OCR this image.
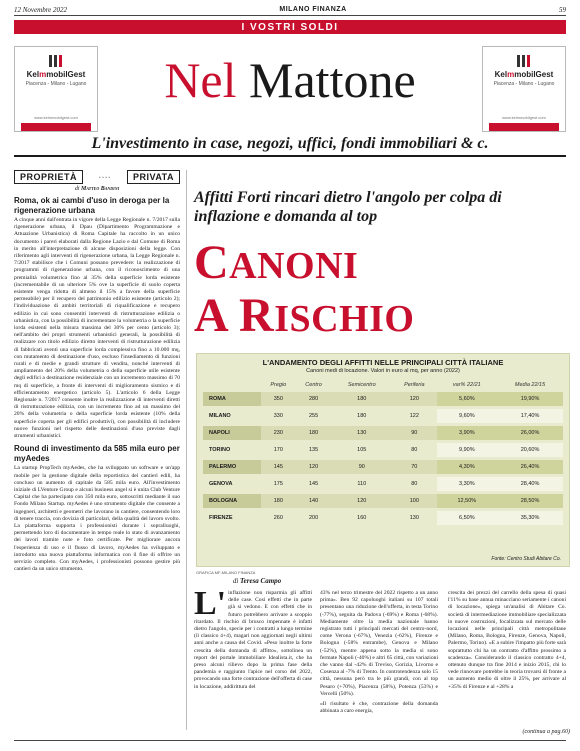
12 Novembre 2022	MILANO FINANZA	59
I VOSTRI SOLDI
KelmmobilGest
Piacenza - Milano - Lugano
www.kelmmobilgest.com
KelmmobilGest
Piacenza - Milano - Lugano
www.kelmmobilgest.com
Nel Mattone
L'investimento in case, negozi, uffici, fondi immobiliari & c.
PROPRIETÀ	····	PRIVATA
di Matteo Bandini
Roma, ok ai cambi d'uso in deroga per la rigenerazione urbana

A cinque anni dall'entrata in vigore della Legge Regionale n. 7/2017 sulla rigenerazione urbana, il Dpau (Dipartimento Programmazione e Attuazione Urbanistica) di Roma Capitale ha raccolto in un unico documento i pareri elaborati dalla Regione Lazio e dal Comune di Roma in merito all'interpretazione di alcune disposizioni della legge. Con riferimento agli interventi di rigenerazione urbana, la Legge Regionale n. 7/2017 stabilisce che i Comuni possano prevedere: la realizzazione di programmi di rigenerazione urbana, con il riconoscimento di una premialità volumetrica fino al 35% della superficie lorda esistente (incrementabile di un ulteriore 5% ove la superficie di suolo coperta esistente venga ridotta di almeno il 15% a favore della superficie permeabile) per il recupero del patrimonio edilizio esistente (articolo 2); l'individuazione di ambiti territoriali di riqualificazione e recupero edilizio in cui sono consentiti interventi di ristrutturazione edilizia o urbanistica, con la possibilità di incrementare la volumetria o la superficie lorda esistenti nella misura massima del 30% per cento (articolo 3); nell'ambito dei propri strumenti urbanistici generali, la possibilità di realizzare con titolo edilizio diretto interventi di ristrutturazione edilizia di fabbricati aventi una superficie lorda complessiva fino a 10.000 mq, con mutamento di destinazione d'uso, escluso l'insediamento di funzioni rurali e di medie e grandi strutture di vendita, nonché interventi di ampliamento del 20% della volumetria o della superficie utile esistente degli edifici a destinazione residenziale con un incremento massimo di 70 mq di superficie, a fronte di interventi di miglioramento sismico e di efficientamento energetico (articolo 5). L'articolo 6 della Legge Regionale n. 7/2017 consente inoltre la realizzazione di interventi diretti di ristrutturazione edilizia, con un incremento fino ad un massimo del 20% della volumetria o della superficie lorda esistente (10% della superficie coperta per gli edifici produttivi), con possibilità di includere nuove funzioni nel rispetto delle destinazioni d'uso previste dagli strumenti urbanistici.

Round di investimento da 585 mila euro per myAedes

La startup PropTech myAedes, che ha sviluppato un software e un'app mobile per la gestione digitale della reportistica dei cantieri edili, ha concluso un aumento di capitale da 585 mila euro. All'investimento iniziale di LVenture Group e alcuni business angel si è unita Club Venture Capital che ha partecipato con 350 mila euro, sottoscritti mediante il suo Fondo Milano Startup. myAedes è uno strumento digitale che consente a ingegneri, architetti e geometri che lavorano in cantiere, consentendo loro di tenere traccia, con dovizia di particolari, della qualità del lavoro svolto. La piattaforma supporta i professionisti durante i sopralluoghi, permettendo loro di documentare in tempo reale lo stato di avanzamento dei lavori tramite note e foto certificate. Per migliorare ancora l'esperienza di uso e il flusso di lavoro, myAedes ha sviluppato e introdotto una nuova piattaforma informatica con il fine di offrire un servizio completo. Con myAedes, i professionisti possono gestire più cantieri da un unico strumento.

Affitti Forti rincari dietro l'angolo per colpa di inflazione e domanda al top
CANONI
A RISCHIO
L'ANDAMENTO DEGLI AFFITTI NELLE PRINCIPALI CITTÀ ITALIANE
Canoni medi di locazione. Valori in euro al mq, per anno (2022)
	Pregio	Centro	Semicentro	Periferia	var% 22/21	Media 22/15
ROMA	350	280	180	120	5,60%	19,90%
MILANO	330	255	180	122	9,60%	17,40%
NAPOLI	230	180	130	90	3,90%	26,00%
TORINO	170	135	105	80	9,90%	20,60%
PALERMO	145	120	90	70	4,30%	26,40%
GENOVA	175	145	110	80	3,30%	28,40%
BOLOGNA	180	140	120	100	12,50%	28,50%
FIRENZE	260	200	160	130	6,50%	35,30%
Fonte: Centro Studi Abitare Co.
GRAFICA MF-MILANO FINANZA
di Teresa Campo
L' inflazione non risparmia gli affitti delle case. Così effetti che in parte già si vedono. E con effetti che in futuro potrebbero arrivare a scoppio ritardato. Il rischio di brusco impennate è infatti dietro l'angolo, specie per i contratti a lungo termine (il classico 4+4), magari non aggiornati negli ultimi anni anche a causa del Covid. «Peso inoltre la forte crescita della domanda di affitto», sottolinea un report del portale immobiliare Idealista.it, che ha preso alcuni rilievo dopo la prima fase della pandemia e raggiunto l'apice nel corso del 2022, provocando una forte contrazione dell'offerta di case in locazione, addirittura del

43% nel terzo trimestre del 2022 rispetto a un anno prima». Ben 92 capoluoghi italiani su 107 totali presentano una riduzione dell'offerta, in testa Torino (-77%), seguita da Padova (-69%) e Roma (-68%). Mediamente oltre la media nazionale hanno registrato tutti i principali mercati del centro-nord, come Verona (-67%), Venezia (-62%), Firenze e Bologna (-58% entrambe), Genova e Milano (-52%), mentre appena sotto la media si sono fermate Napoli (-40%) e altri 65 città, con variazioni che vanno dal -42% di Treviso, Gorizia, Livorno e Cosenza al -7% di Trento. In controtendenza solo 15 città, nessuna però tra le più grandi, con al top Pesaro (+70%), Piacenza (58%), Potenza (53%) e Vercelli (50%).

«Il risultato è che, contrazione della domanda abbinata a caro energia,

crescita dei prezzi del carrello della spesa di quasi l'11% su base annua minacciano seriamente i canoni di locazione», spiega un'analisi di Abitare Co. società di intermediazione immobiliare specializzata in nuove costruzioni, focalizzata sul mercato delle locazioni nelle principali città metropolitane (Milano, Roma, Bologna, Firenze, Genova, Napoli, Palermo, Torino). «E a subire l'impatto più forte sarà soprattutto chi ha un contratto d'affitto prossimo a scadenza». Considerando il classico contratto 4+4, ottenuto dunque tra fine 2014 e inizio 2015, chi lo vede rinnovare potrebbe in teoria trovarsi di fronte a un aumento medio di oltre il 25%, per arrivare al +35% di Firenze e al +28% a

(continua a pag.60)
